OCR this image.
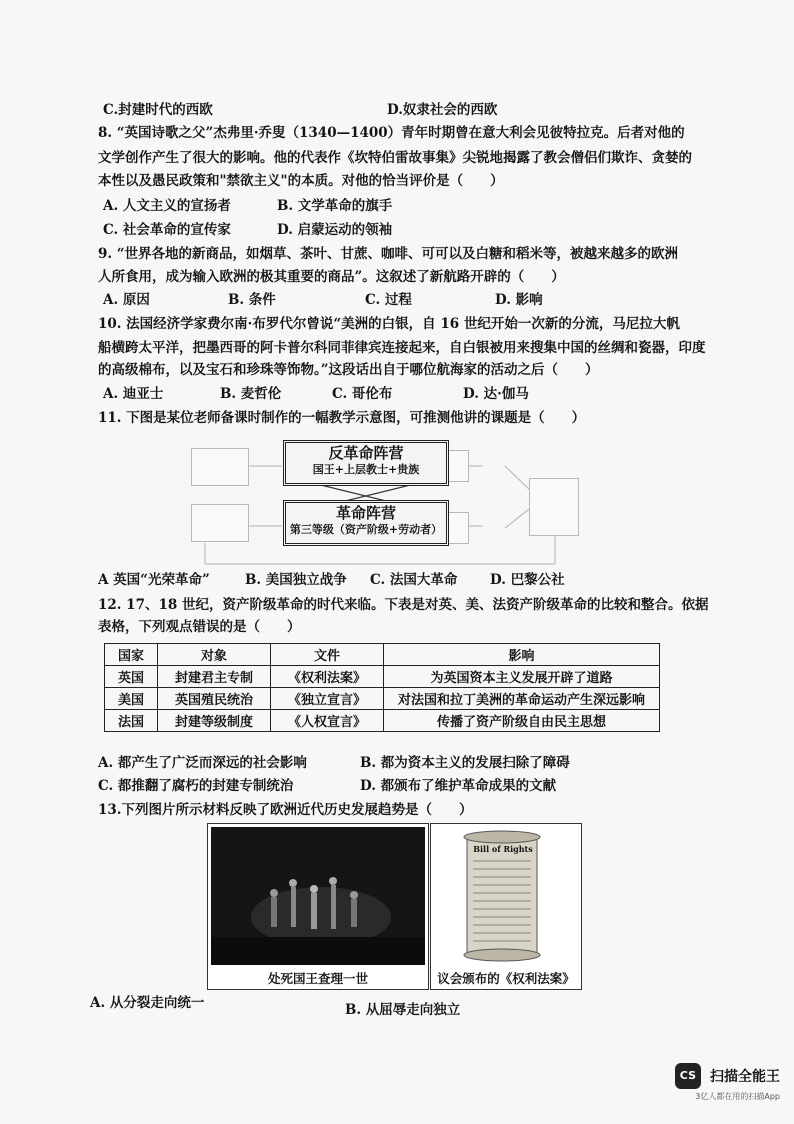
C.封建时代的西欧	D.奴隶社会的西欧
8. “英国诗歌之父”杰弗里·乔叟（1340—1400）青年时期曾在意大利会见彼特拉克。后者对他的
文学创作产生了很大的影响。他的代表作《坎特伯雷故事集》尖锐地揭露了教会僧侣们欺诈、贪婪的
本性以及愚民政策和"禁欲主义"的本质。对他的恰当评价是（　　）
A. 人文主义的宣扬者	B. 文学革命的旗手
C. 社会革命的宣传家	D. 启蒙运动的领袖
9. “世界各地的新商品，如烟草、茶叶、甘蔗、咖啡、可可以及白糖和稻米等，被越来越多的欧洲
人所食用，成为输入欧洲的极其重要的商品”。这叙述了新航路开辟的（　　）
A. 原因	B. 条件	C. 过程	D. 影响
10. 法国经济学家费尔南·布罗代尔曾说“美洲的白银，自 16 世纪开始一次新的分流，马尼拉大帆
船横跨太平洋，把墨西哥的阿卡普尔科同菲律宾连接起来，自白银被用来搜集中国的丝绸和瓷器，印度
的高级棉布，以及宝石和珍珠等饰物。”这段话出自于哪位航海家的活动之后（　　）
A. 迪亚士	B. 麦哲伦	C. 哥伦布	D. 达·伽马
11. 下图是某位老师备课时制作的一幅教学示意图，可推测他讲的课题是（　　）
反革命阵营
国王+上层教士+贵族
革命阵营
第三等级（资产阶级+劳动者）
A 英国“光荣革命”	B. 美国独立战争 C. 法国大革命 D. 巴黎公社
12. 17、18 世纪，资产阶级革命的时代来临。下表是对英、美、法资产阶级革命的比较和整合。依据
表格，下列观点错误的是（　　）
国家	对象	文件	影响
英国	封建君主专制	《权利法案》	为英国资本主义发展开辟了道路
美国	英国殖民统治	《独立宣言》	对法国和拉丁美洲的革命运动产生深远影响
法国	封建等级制度	《人权宣言》	传播了资产阶级自由民主思想
A. 都产生了广泛而深远的社会影响	B. 都为资本主义的发展扫除了障碍
C. 都推翻了腐朽的封建专制统治	D. 都颁布了维护革命成果的文献
13.下列图片所示材料反映了欧洲近代历史发展趋势是（　　）
处死国王查理一世
Bill of Rights
议会颁布的《权利法案》
A. 从分裂走向统一	B. 从屈辱走向独立
CS 扫描全能王
3亿人都在用的扫描App
